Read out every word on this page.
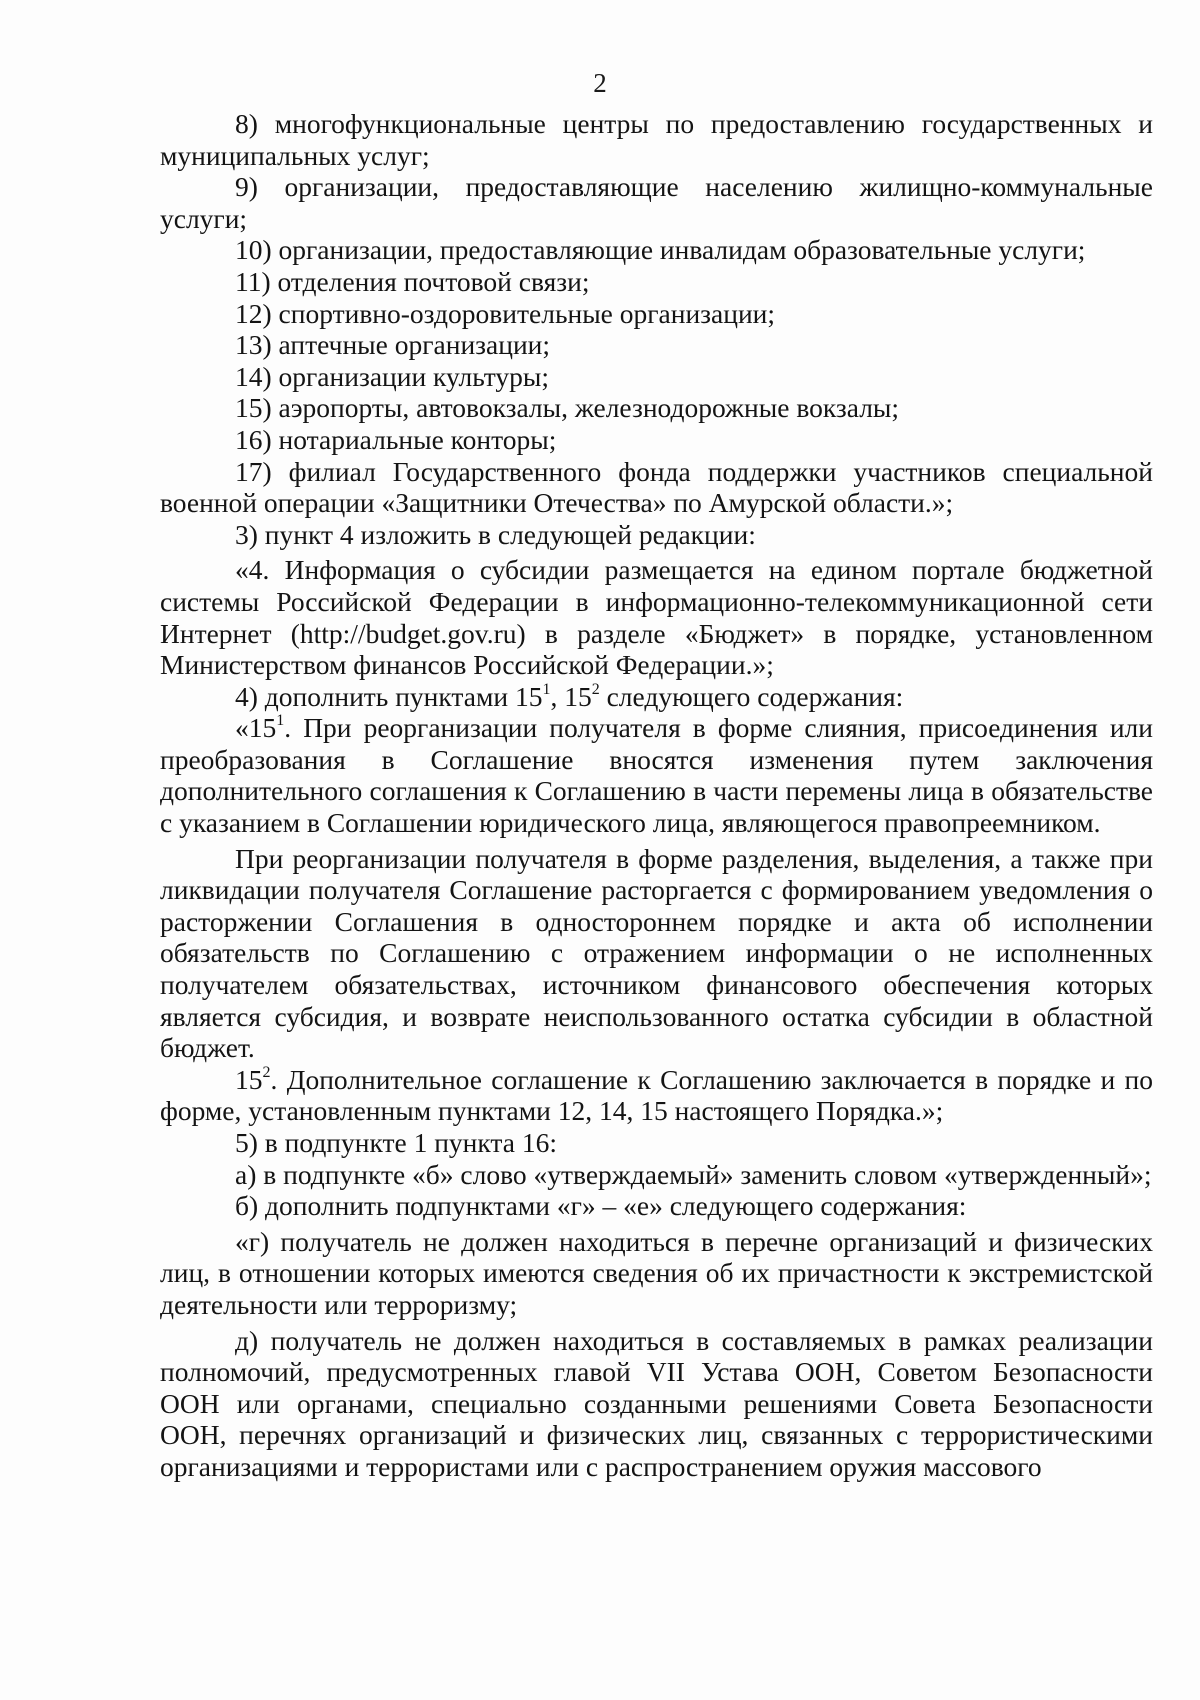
2

8) многофункциональные центры по предоставлению государственных и муниципальных услуг;

9) организации, предоставляющие населению жилищно-коммунальные услуги;

10) организации, предоставляющие инвалидам образовательные услуги;

11) отделения почтовой связи;

12) спортивно-оздоровительные организации;

13) аптечные организации;

14) организации культуры;

15) аэропорты, автовокзалы, железнодорожные вокзалы;

16) нотариальные конторы;

17) филиал Государственного фонда поддержки участников специальной военной операции «Защитники Отечества» по Амурской области.»;

3) пункт 4 изложить в следующей редакции:

«4. Информация о субсидии размещается на едином портале бюджетной системы Российской Федерации в информационно-телекоммуникационной сети Интернет (http://budget.gov.ru) в разделе «Бюджет» в порядке, установленном Министерством финансов Российской Федерации.»;

4) дополнить пунктами $15^1$, $15^2$ следующего содержания:

«$15^1$. При реорганизации получателя в форме слияния, присоединения или преобразования в Соглашение вносятся изменения путем заключения дополнительного соглашения к Соглашению в части перемены лица в обязательстве с указанием в Соглашении юридического лица, являющегося правопреемником.

При реорганизации получателя в форме разделения, выделения, а также при ликвидации получателя Соглашение расторгается с формированием уведомления о расторжении Соглашения в одностороннем порядке и акта об исполнении обязательств по Соглашению с отражением информации о не исполненных получателем обязательствах, источником финансового обеспечения которых является субсидия, и возврате неиспользованного остатка субсидии в областной бюджет.

$15^2$. Дополнительное соглашение к Соглашению заключается в порядке и по форме, установленным пунктами 12, 14, 15 настоящего Порядка.»;

5) в подпункте 1 пункта 16:

а) в подпункте «б» слово «утверждаемый» заменить словом «утвержденный»;

б) дополнить подпунктами «г» – «е» следующего содержания:

«г) получатель не должен находиться в перечне организаций и физических лиц, в отношении которых имеются сведения об их причастности к экстремистской деятельности или терроризму;

д) получатель не должен находиться в составляемых в рамках реализации полномочий, предусмотренных главой VII Устава ООН, Советом Безопасности ООН или органами, специально созданными решениями Совета Безопасности ООН, перечнях организаций и физических лиц, связанных с террористическими организациями и террористами или с распространением оружия массового
